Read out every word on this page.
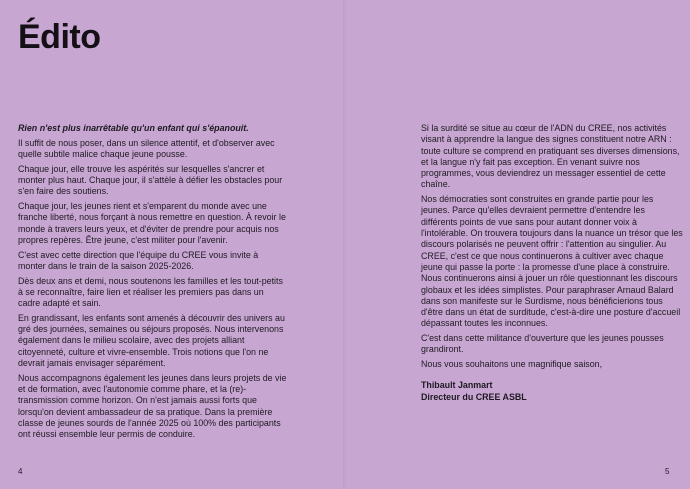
Édito

Rien n'est plus inarrêtable qu'un enfant qui s'épanouit.

Il suffit de nous poser, dans un silence attentif, et d'observer avec quelle subtile malice chaque jeune pousse.

Chaque jour, elle trouve les aspérités sur lesquelles s'ancrer et monter plus haut. Chaque jour, il s'attèle à défier les obstacles pour s'en faire des soutiens.

Chaque jour, les jeunes rient et s'emparent du monde avec une franche liberté, nous forçant à nous remettre en question. À revoir le monde à travers leurs yeux, et d'éviter de prendre pour acquis nos propres repères. Être jeune, c'est militer pour l'avenir.

C'est avec cette direction que l'équipe du CREE vous invite à monter dans le train de la saison 2025-2026.

Dès deux ans et demi, nous soutenons les familles et les tout-petits à se reconnaître, faire lien et réaliser les premiers pas dans un cadre adapté et sain.

En grandissant, les enfants sont amenés à découvrir des univers au gré des journées, semaines ou séjours proposés. Nous intervenons également dans le milieu scolaire, avec des projets alliant citoyenneté, culture et vivre-ensemble. Trois notions que l'on ne devrait jamais envisager séparément.

Nous accompagnons également les jeunes dans leurs projets de vie et de formation, avec l'autonomie comme phare, et la (re)-transmission comme horizon. On n'est jamais aussi forts que lorsqu'on devient ambassadeur de sa pratique. Dans la première classe de jeunes sourds de l'année 2025 où 100% des participants ont réussi ensemble leur permis de conduire.

4

Si la surdité se situe au cœur de l'ADN du CREE, nos activités visant à apprendre la langue des signes constituent notre ARN : toute culture se comprend en pratiquant ses diverses dimensions, et la langue n'y fait pas exception. En venant suivre nos programmes, vous deviendrez un messager essentiel de cette chaîne.

Nos démocraties sont construites en grande partie pour les jeunes. Parce qu'elles devraient permettre d'entendre les différents points de vue sans pour autant donner voix à l'intolérable. On trouvera toujours dans la nuance un trésor que les discours polarisés ne peuvent offrir : l'attention au singulier. Au CREE, c'est ce que nous continuerons à cultiver avec chaque jeune qui passe la porte : la promesse d'une place à construire. Nous continuerons ainsi à jouer un rôle questionnant les discours globaux et les idées simplistes. Pour paraphraser Arnaud Balard dans son manifeste sur le Surdisme, nous bénéficierions tous d'être dans un état de surditude, c'est-à-dire une posture d'accueil dépassant toutes les inconnues.

C'est dans cette militance d'ouverture que les jeunes pousses grandiront.

Nous vous souhaitons une magnifique saison,

Thibault Janmart
Directeur du CREE ASBL
5
